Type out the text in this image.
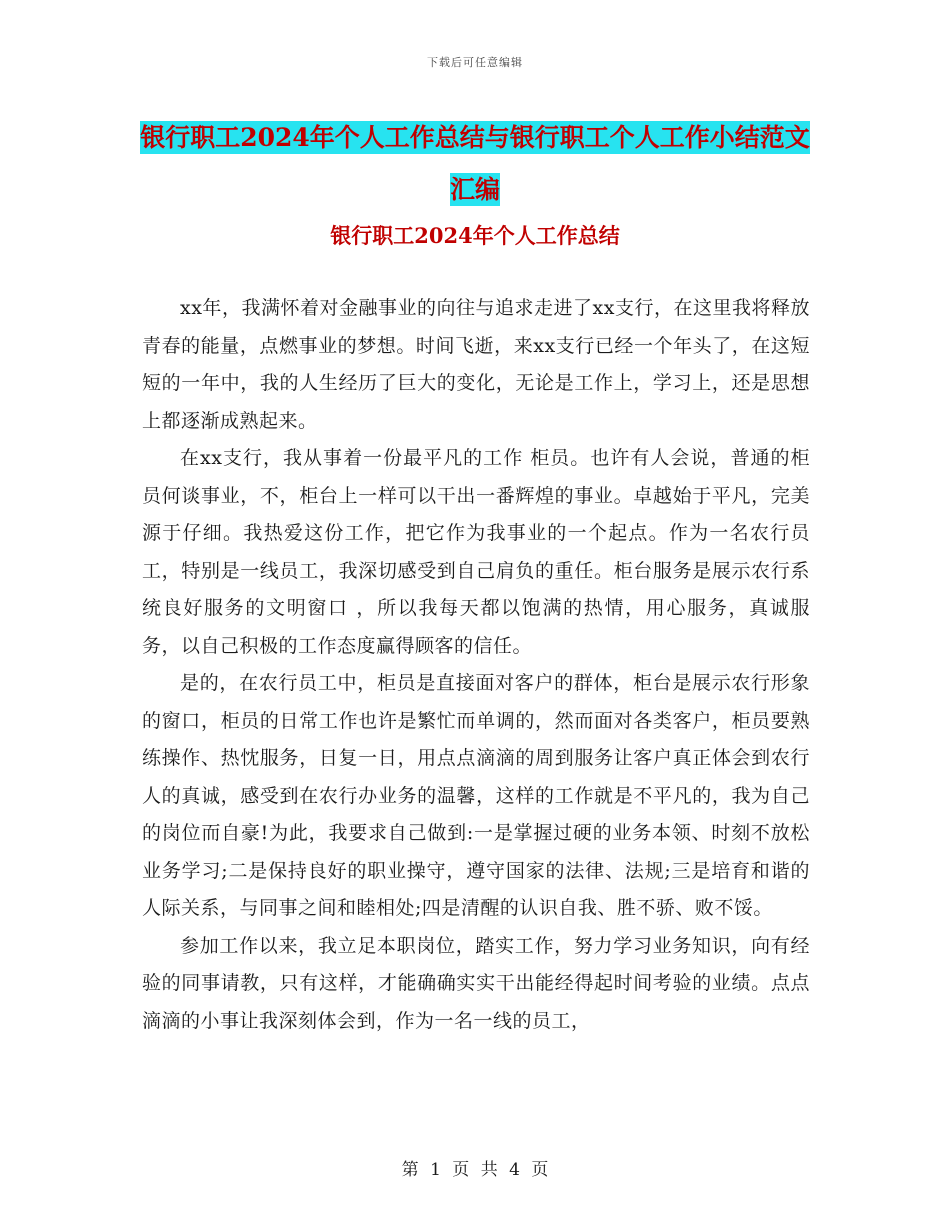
下载后可任意编辑
银行职工2024年个人工作总结与银行职工个人工作小结范文汇编
银行职工2024年个人工作总结

xx年，我满怀着对金融事业的向往与追求走进了xx支行，在这里我将释放青春的能量，点燃事业的梦想。时间飞逝，来xx支行已经一个年头了，在这短短的一年中，我的人生经历了巨大的变化，无论是工作上，学习上，还是思想上都逐渐成熟起来。

在xx支行，我从事着一份最平凡的工作 柜员。也许有人会说，普通的柜员何谈事业，不，柜台上一样可以干出一番辉煌的事业。卓越始于平凡，完美源于仔细。我热爱这份工作，把它作为我事业的一个起点。作为一名农行员工，特别是一线员工，我深切感受到自己肩负的重任。柜台服务是展示农行系统良好服务的文明窗口 ，所以我每天都以饱满的热情，用心服务，真诚服务，以自己积极的工作态度赢得顾客的信任。

是的，在农行员工中，柜员是直接面对客户的群体，柜台是展示农行形象的窗口，柜员的日常工作也许是繁忙而单调的，然而面对各类客户，柜员要熟练操作、热忱服务，日复一日，用点点滴滴的周到服务让客户真正体会到农行人的真诚，感受到在农行办业务的温馨，这样的工作就是不平凡的，我为自己的岗位而自豪!为此，我要求自己做到:一是掌握过硬的业务本领、时刻不放松业务学习;二是保持良好的职业操守，遵守国家的法律、法规;三是培育和谐的人际关系，与同事之间和睦相处;四是清醒的认识自我、胜不骄、败不馁。

参加工作以来，我立足本职岗位，踏实工作，努力学习业务知识，向有经验的同事请教，只有这样，才能确确实实干出能经得起时间考验的业绩。点点滴滴的小事让我深刻体会到，作为一名一线的员工，

第 1 页 共 4 页
